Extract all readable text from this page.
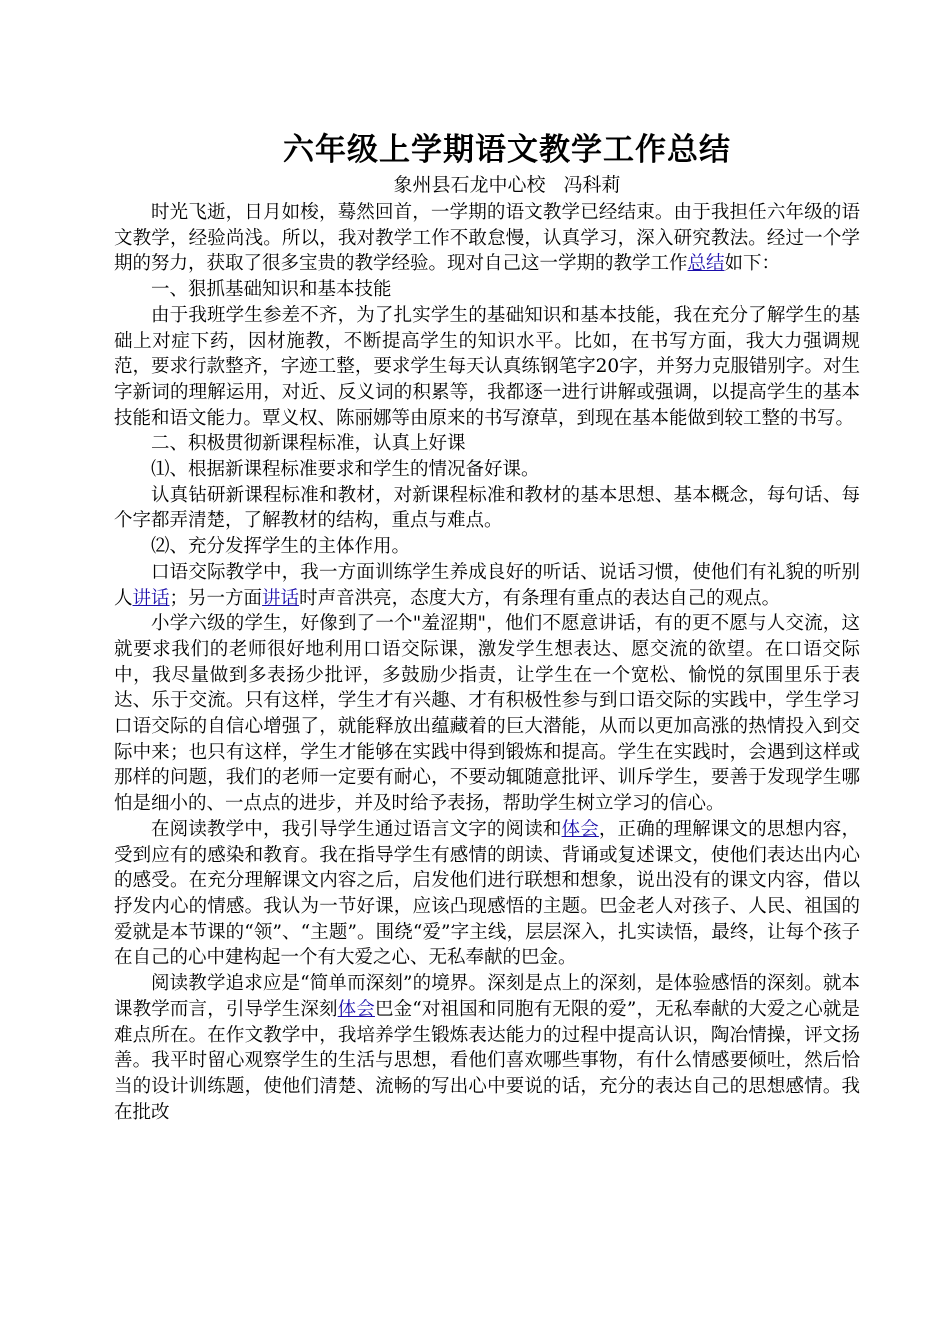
六年级上学期语文教学工作总结
象州县石龙中心校 冯科莉

时光飞逝，日月如梭，蓦然回首，一学期的语文教学已经结束。由于我担任六年级的语文教学，经验尚浅。所以，我对教学工作不敢怠慢，认真学习，深入研究教法。经过一个学期的努力，获取了很多宝贵的教学经验。现对自己这一学期的教学工作总结如下：

一、狠抓基础知识和基本技能

由于我班学生参差不齐，为了扎实学生的基础知识和基本技能，我在充分了解学生的基础上对症下药，因材施教，不断提高学生的知识水平。比如，在书写方面，我大力强调规范，要求行款整齐，字迹工整，要求学生每天认真练钢笔字20字，并努力克服错别字。对生字新词的理解运用，对近、反义词的积累等，我都逐一进行讲解或强调，以提高学生的基本技能和语文能力。覃义权、陈丽娜等由原来的书写潦草，到现在基本能做到较工整的书写。

二、积极贯彻新课程标准，认真上好课

⑴、根据新课程标准要求和学生的情况备好课。

认真钻研新课程标准和教材，对新课程标准和教材的基本思想、基本概念，每句话、每个字都弄清楚，了解教材的结构，重点与难点。

⑵、充分发挥学生的主体作用。

口语交际教学中，我一方面训练学生养成良好的听话、说话习惯，使他们有礼貌的听别人讲话；另一方面讲话时声音洪亮，态度大方，有条理有重点的表达自己的观点。

小学六级的学生，好像到了一个"羞涩期"，他们不愿意讲话，有的更不愿与人交流，这就要求我们的老师很好地利用口语交际课，激发学生想表达、愿交流的欲望。在口语交际中，我尽量做到多表扬少批评，多鼓励少指责，让学生在一个宽松、愉悦的氛围里乐于表达、乐于交流。只有这样，学生才有兴趣、才有积极性参与到口语交际的实践中，学生学习口语交际的自信心增强了，就能释放出蕴藏着的巨大潜能，从而以更加高涨的热情投入到交际中来；也只有这样，学生才能够在实践中得到锻炼和提高。学生在实践时，会遇到这样或那样的问题，我们的老师一定要有耐心，不要动辄随意批评、训斥学生，要善于发现学生哪怕是细小的、一点点的进步，并及时给予表扬，帮助学生树立学习的信心。

在阅读教学中，我引导学生通过语言文字的阅读和体会，正确的理解课文的思想内容，受到应有的感染和教育。我在指导学生有感情的朗读、背诵或复述课文，使他们表达出内心的感受。在充分理解课文内容之后，启发他们进行联想和想象，说出没有的课文内容，借以抒发内心的情感。我认为一节好课，应该凸现感悟的主题。巴金老人对孩子、人民、祖国的爱就是本节课的“领”、“主题”。围绕“爱”字主线，层层深入，扎实读悟，最终，让每个孩子在自己的心中建构起一个有大爱之心、无私奉献的巴金。

阅读教学追求应是“简单而深刻”的境界。深刻是点上的深刻，是体验感悟的深刻。就本课教学而言，引导学生深刻体会巴金“对祖国和同胞有无限的爱”，无私奉献的大爱之心就是难点所在。在作文教学中，我培养学生锻炼表达能力的过程中提高认识，陶冶情操，评文扬善。我平时留心观察学生的生活与思想，看他们喜欢哪些事物，有什么情感要倾吐，然后恰当的设计训练题，使他们清楚、流畅的写出心中要说的话，充分的表达自己的思想感情。我在批改
